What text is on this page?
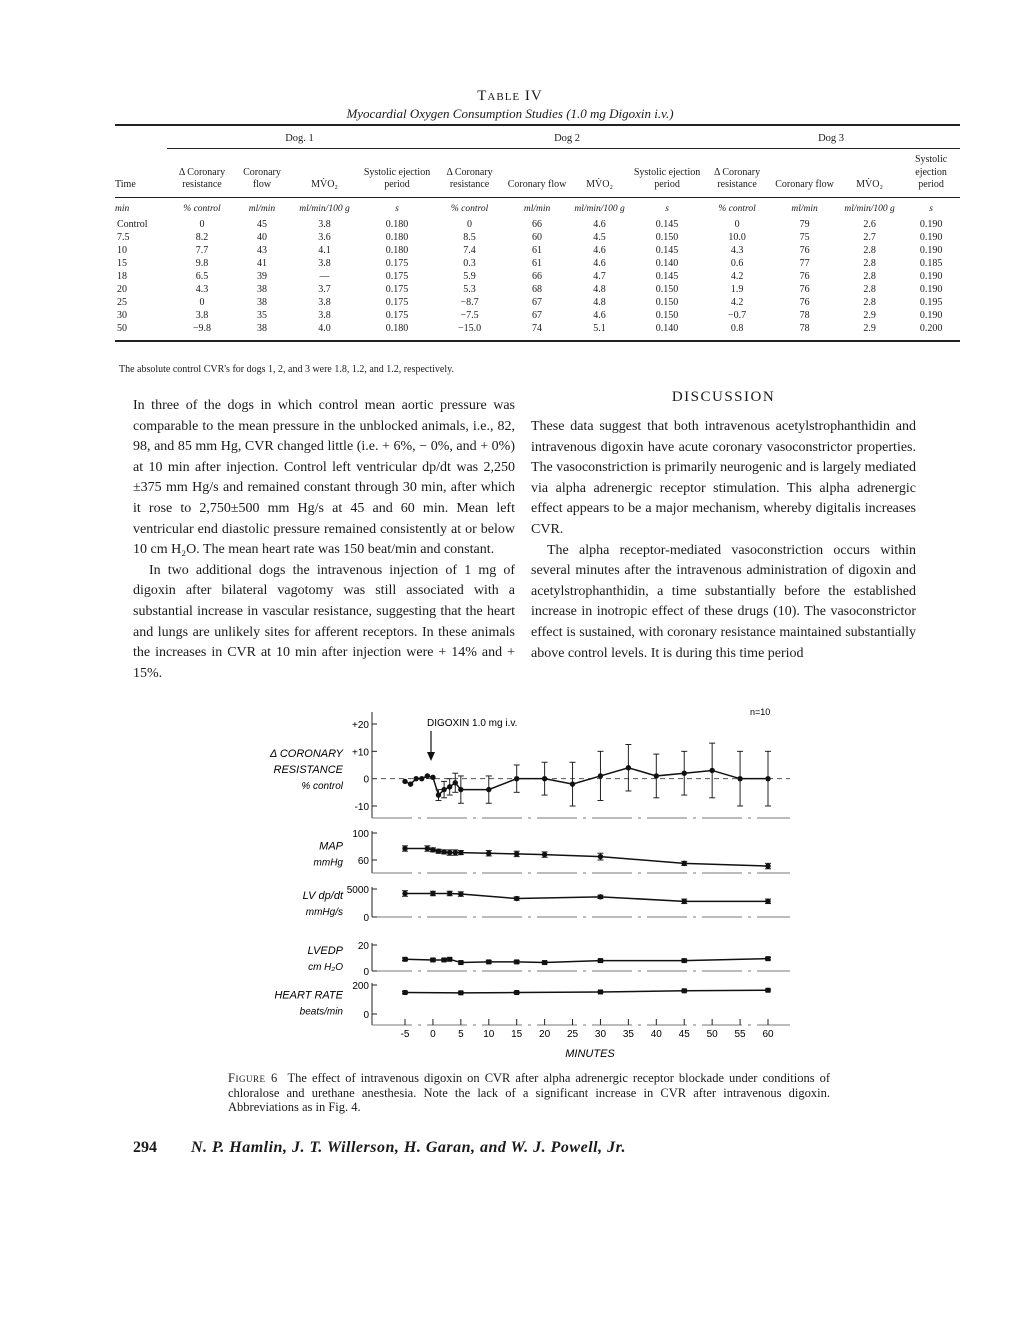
Table IV
Myocardial Oxygen Consumption Studies (1.0 mg Digoxin i.v.)
	Dog. 1				Dog 2				Dog 3			
Time	Δ Coronary resistance	Coronary flow	MV̇O₂	Systolic ejection period	Δ Coronary resistance	Coronary flow	MV̇O₂	Systolic ejection period	Δ Coronary resistance	Coronary flow	MV̇O₂	Systolic ejection period
min	% control	ml/min	ml/min/100 g	s	% control	ml/min	ml/min/100 g	s	% control	ml/min	ml/min/100 g	s
Control	0	45	3.8	0.180	0	66	4.6	0.145	0	79	2.6	0.190
7.5	8.2	40	3.6	0.180	8.5	60	4.5	0.150	10.0	75	2.7	0.190
10	7.7	43	4.1	0.180	7.4	61	4.6	0.145	4.3	76	2.8	0.190
15	9.8	41	3.8	0.175	0.3	61	4.6	0.140	0.6	77	2.8	0.185
18	6.5	39	—	0.175	5.9	66	4.7	0.145	4.2	76	2.8	0.190
20	4.3	38	3.7	0.175	5.3	68	4.8	0.150	1.9	76	2.8	0.190
25	0	38	3.8	0.175	−8.7	67	4.8	0.150	4.2	76	2.8	0.195
30	3.8	35	3.8	0.175	−7.5	67	4.6	0.150	−0.7	78	2.9	0.190
50	−9.8	38	4.0	0.180	−15.0	74	5.1	0.140	0.8	78	2.9	0.200
The absolute control CVR's for dogs 1, 2, and 3 were 1.8, 1.2, and 1.2, respectively.

In three of the dogs in which control mean aortic pressure was comparable to the mean pressure in the unblocked animals, i.e., 82, 98, and 85 mm Hg, CVR changed little (i.e. + 6%, − 0%, and + 0%) at 10 min after injection. Control left ventricular dp/dt was 2,250 ±375 mm Hg/s and remained constant through 30 min, after which it rose to 2,750±500 mm Hg/s at 45 and 60 min. Mean left ventricular end diastolic pressure remained consistently at or below 10 cm H₂O. The mean heart rate was 150 beat/min and constant.

In two additional dogs the intravenous injection of 1 mg of digoxin after bilateral vagotomy was still associated with a substantial increase in vascular resistance, suggesting that the heart and lungs are unlikely sites for afferent receptors. In these animals the increases in CVR at 10 min after injection were + 14% and + 15%.

DISCUSSION

These data suggest that both intravenous acetylstrophanthidin and intravenous digoxin have acute coronary vasoconstrictor properties. The vasoconstriction is primarily neurogenic and is largely mediated via alpha adrenergic receptor stimulation. This alpha adrenergic effect appears to be a major mechanism, whereby digitalis increases CVR.

The alpha receptor-mediated vasoconstriction occurs within several minutes after the intravenous administration of digoxin and acetylstrophanthidin, a time substantially before the established increase in inotropic effect of these drugs (10). The vasoconstrictor effect is sustained, with coronary resistance maintained substantially above control levels. It is during this time period

+20
+10
0
-10
Δ CORONARY
RESISTANCE
% control
100
60
MAP
mmHg
5000
0
LV dp/dt
mmHg/s
20
0
LVEDP
cm H₂O
200
0
HEART RATE
beats/min
-5 0 5 10 15 20 25 30 35 40 45 50 55 60
MINUTES
DIGOXIN 1.0 mg i.v.
n=10
Figure 6 The effect of intravenous digoxin on CVR after alpha adrenergic receptor blockade under conditions of chloralose and urethane anesthesia. Note the lack of a significant increase in CVR after intravenous digoxin. Abbreviations as in Fig. 4.
294 N. P. Hamlin, J. T. Willerson, H. Garan, and W. J. Powell, Jr.
